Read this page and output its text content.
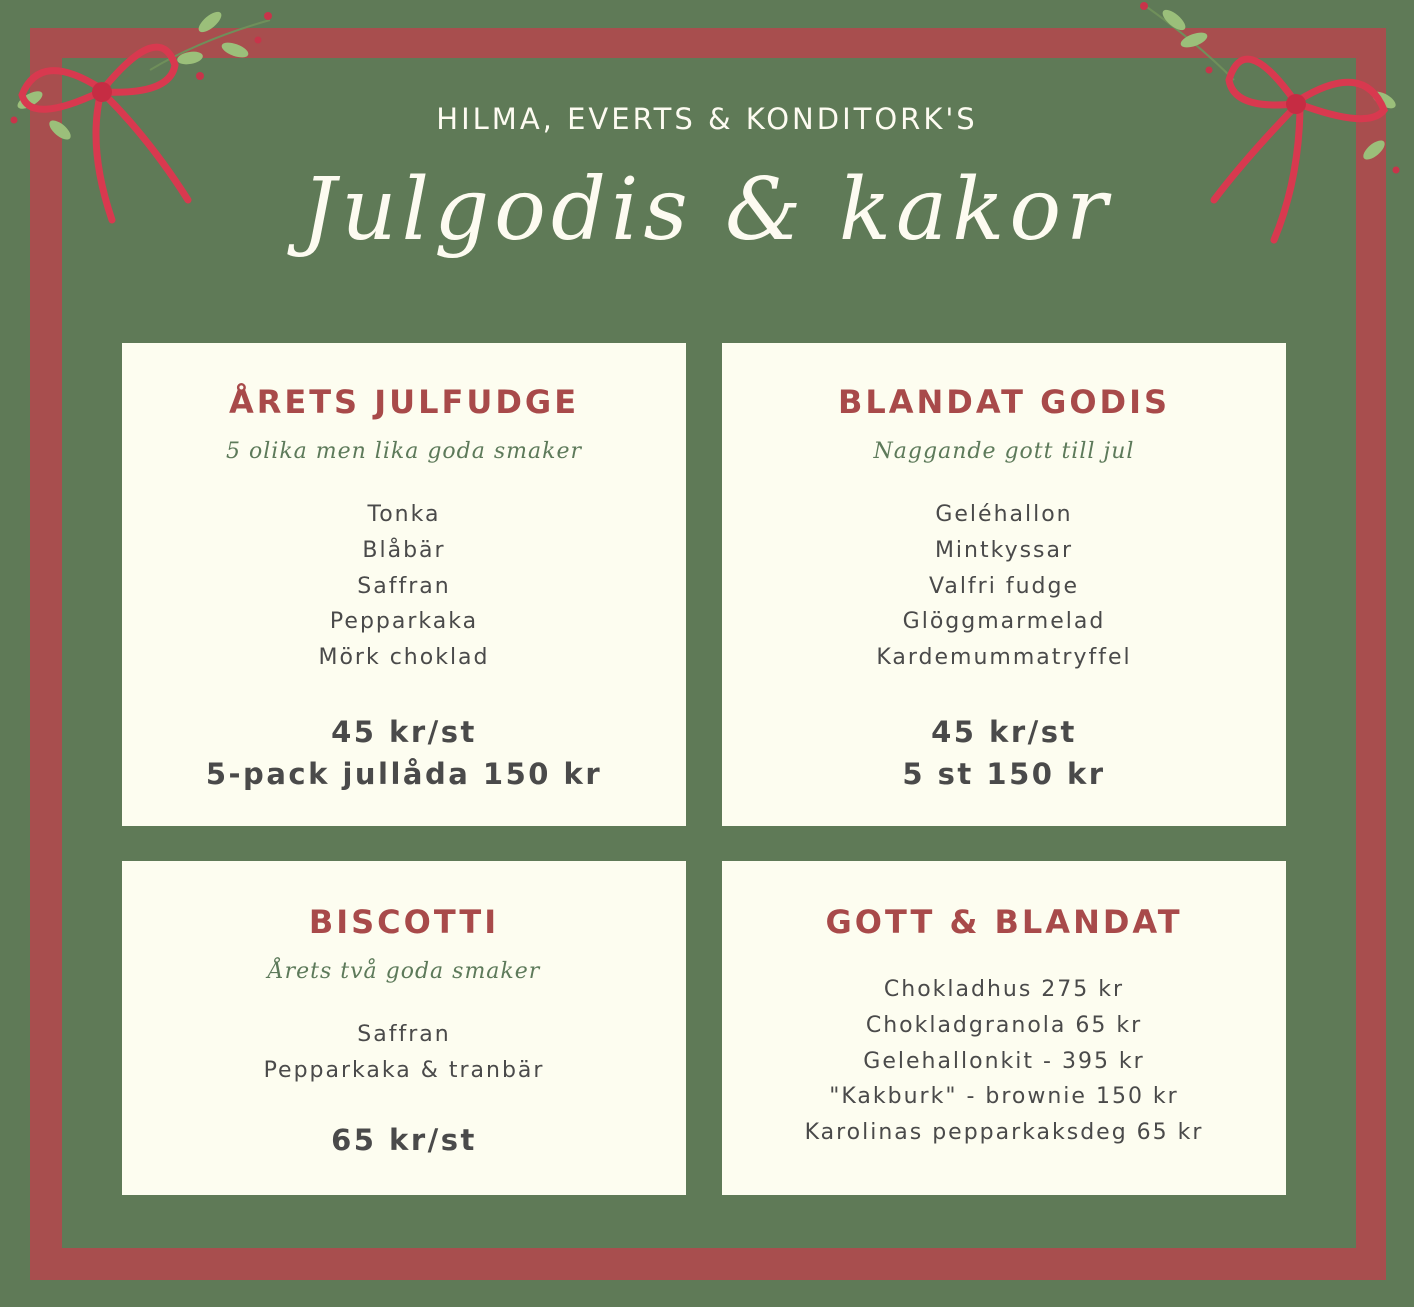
HILMA, EVERTS & KONDITORK'S
Julgodis & kakor
ÅRETS JULFUDGE
5 olika men lika goda smaker
Tonka
Blåbär
Saffran
Pepparkaka
Mörk choklad
45 kr/st
5-pack jullåda 150 kr
BLANDAT GODIS
Naggande gott till jul
Geléhallon
Mintkyssar
Valfri fudge
Glöggmarmelad
Kardemummatryffel
45 kr/st
5 st 150 kr
BISCOTTI
Årets två goda smaker
Saffran
Pepparkaka & tranbär
65 kr/st
GOTT & BLANDAT
Chokladhus 275 kr
Chokladgranola 65 kr
Gelehallonkit - 395 kr
"Kakburk" - brownie 150 kr
Karolinas pepparkaksdeg 65 kr
